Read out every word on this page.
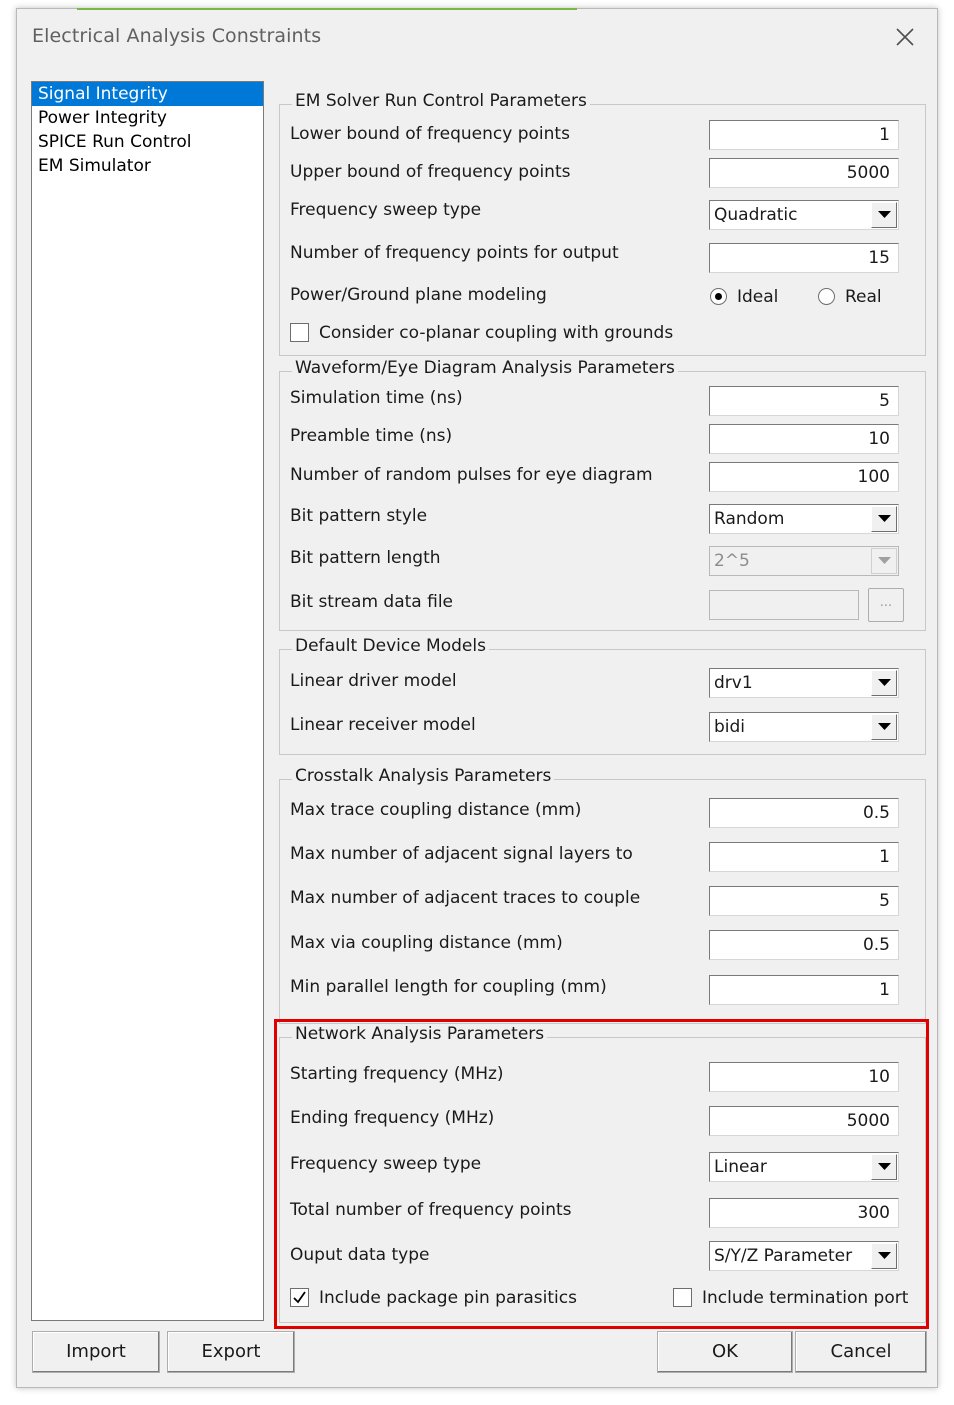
Electrical Analysis Constraints
Signal Integrity
Power Integrity
SPICE Run Control
EM Simulator
EM Solver Run Control Parameters
Lower bound of frequency points	1
Upper bound of frequency points	5000
Frequency sweep type	Quadratic
Number of frequency points for output	15
Power/Ground plane modeling	Ideal	Real
Consider co-planar coupling with grounds
Waveform/Eye Diagram Analysis Parameters
Simulation time (ns)	5
Preamble time (ns)	10
Number of random pulses for eye diagram	100
Bit pattern style	Random
Bit pattern length	2^5
Bit stream data file	...
Default Device Models
Linear driver model	drv1
Linear receiver model	bidi
Crosstalk Analysis Parameters
Max trace coupling distance (mm)	0.5
Max number of adjacent signal layers to	1
Max number of adjacent traces to couple	5
Max via coupling distance (mm)	0.5
Min parallel length for coupling (mm)	1
Network Analysis Parameters
Starting frequency (MHz)	10
Ending frequency (MHz)	5000
Frequency sweep type	Linear
Total number of frequency points	300
Ouput data type	S/Y/Z Parameter
Include package pin parasitics	Include termination port
Import	Export	OK	Cancel
